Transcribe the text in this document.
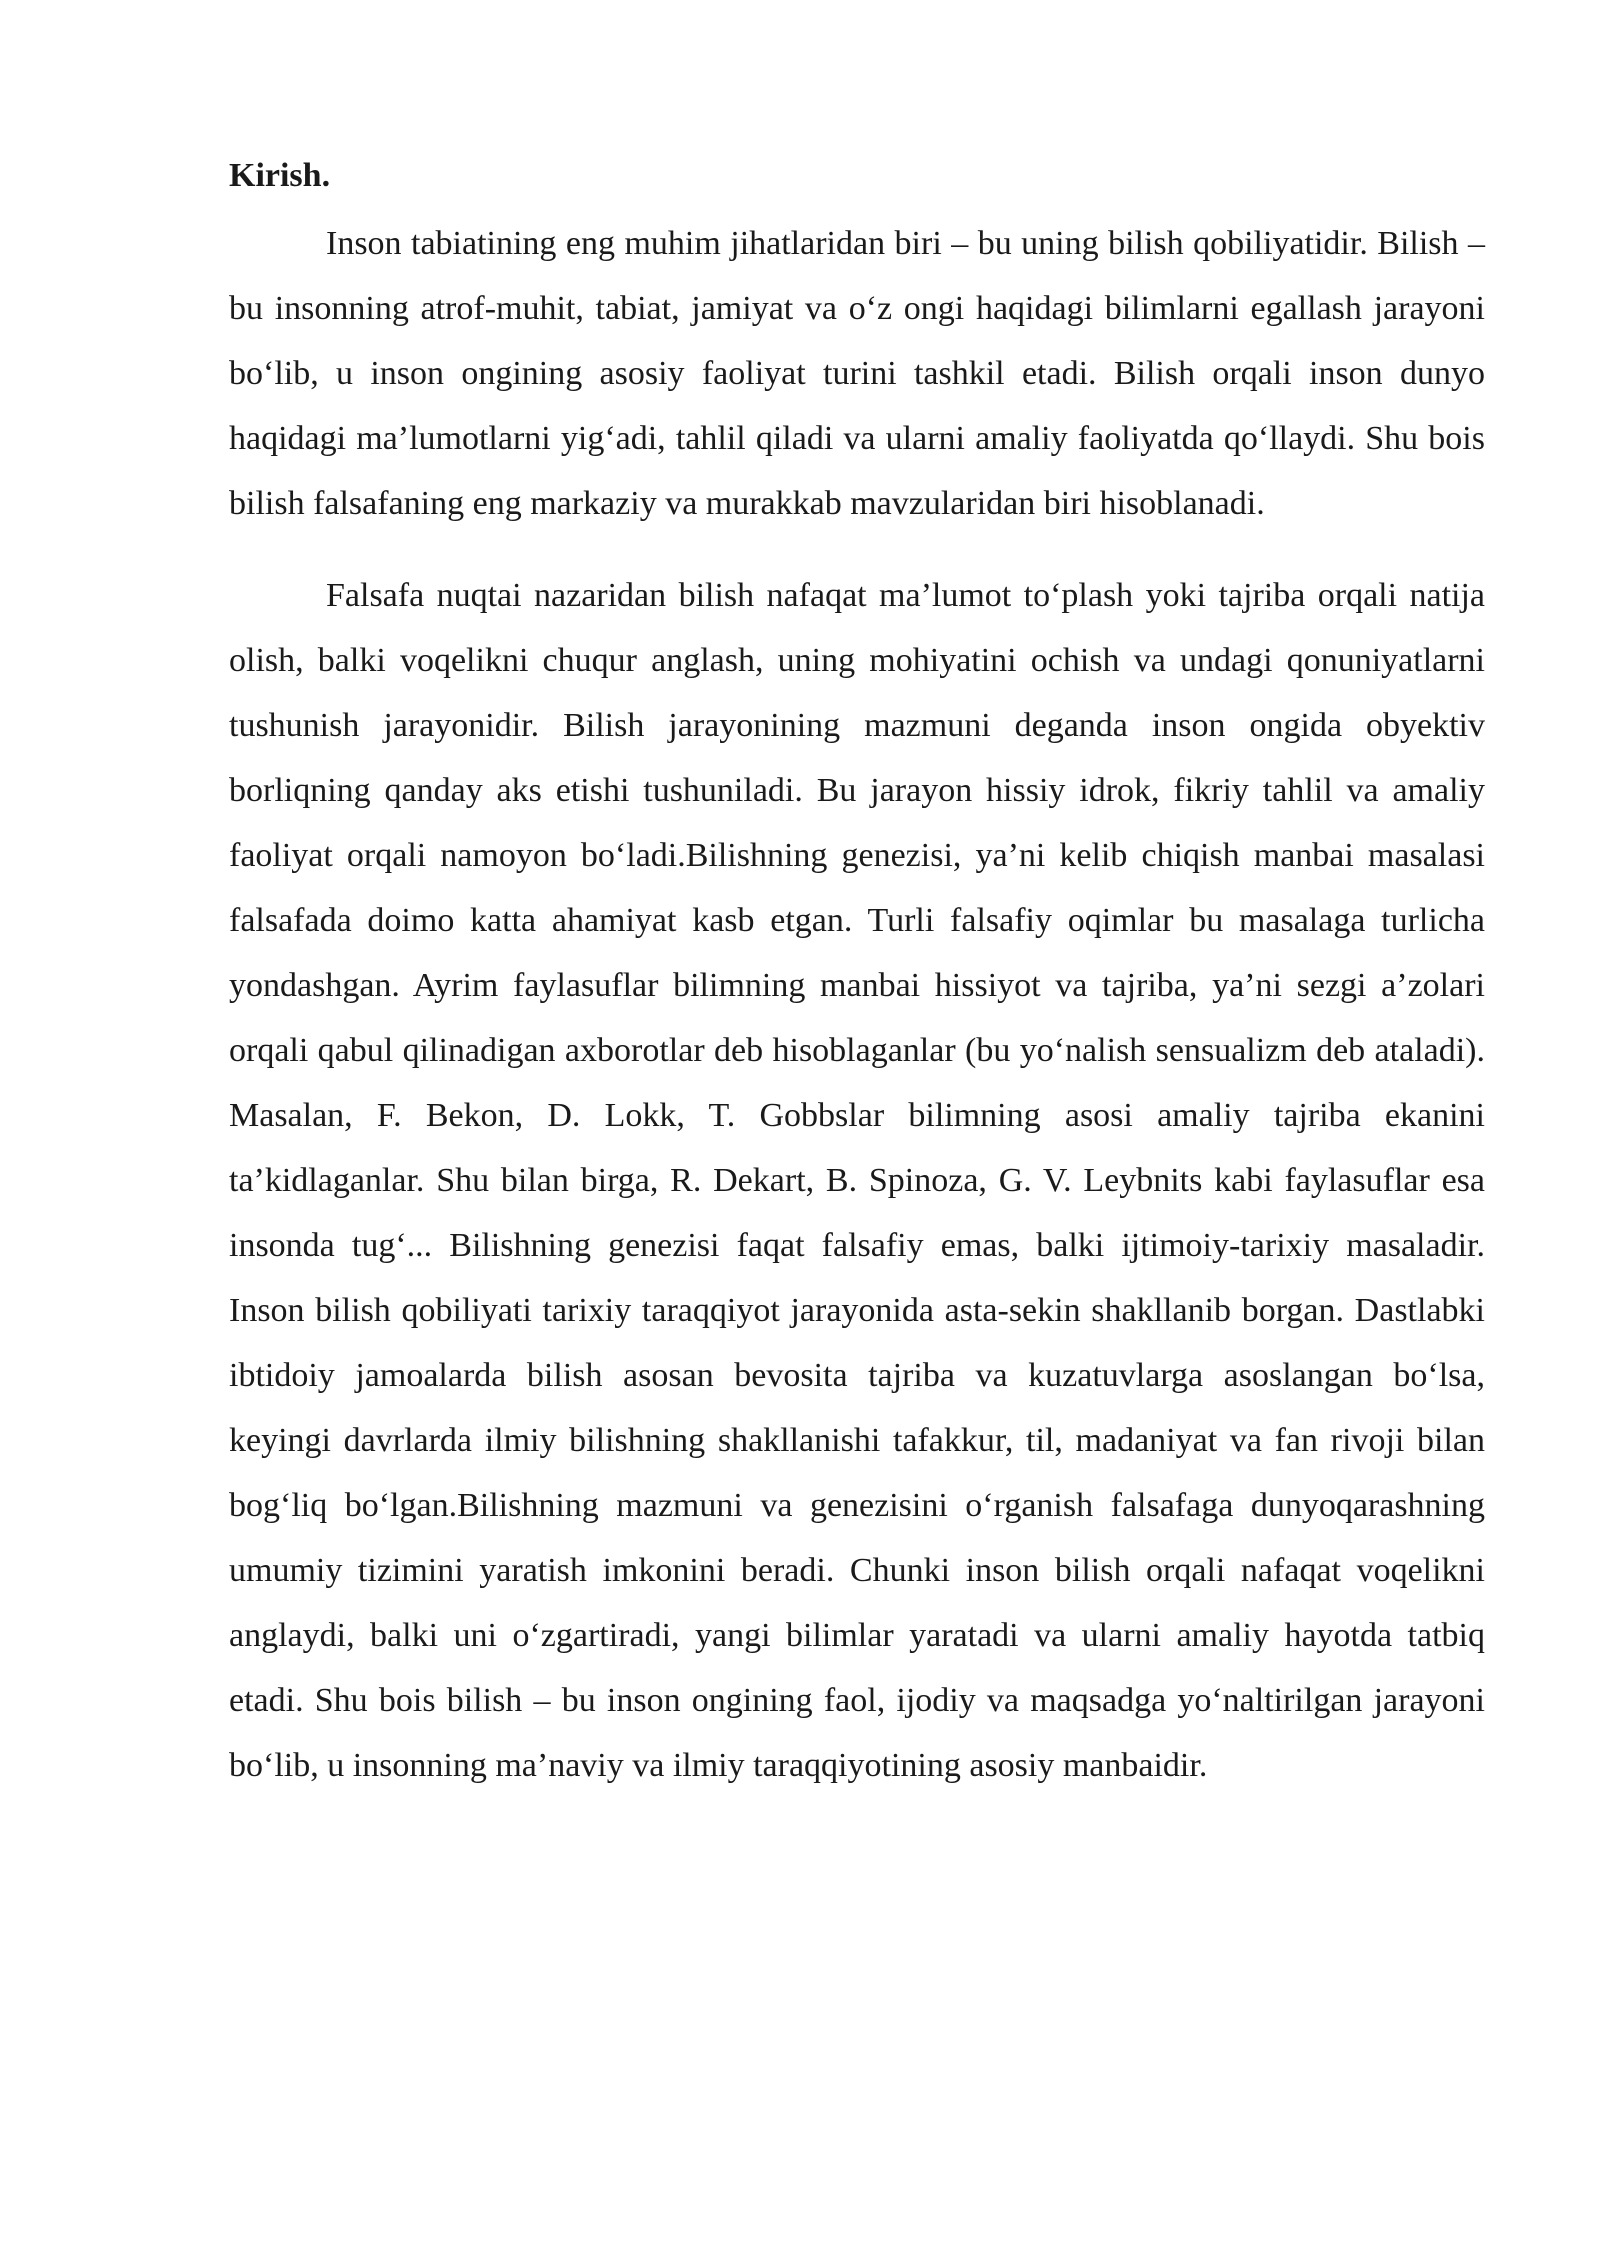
Kirish.

Inson tabiatining eng muhim jihatlaridan biri – bu uning bilish qobiliyatidir. Bilish – bu insonning atrof-muhit, tabiat, jamiyat va o‘z ongi haqidagi bilimlarni egallash jarayoni bo‘lib, u inson ongining asosiy faoliyat turini tashkil etadi. Bilish orqali inson dunyo haqidagi ma’lumotlarni yig‘adi, tahlil qiladi va ularni amaliy faoliyatda qo‘llaydi. Shu bois bilish falsafaning eng markaziy va murakkab mavzularidan biri hisoblanadi.

Falsafa nuqtai nazaridan bilish nafaqat ma’lumot to‘plash yoki tajriba orqali natija olish, balki voqelikni chuqur anglash, uning mohiyatini ochish va undagi qonuniyatlarni tushunish jarayonidir. Bilish jarayonining mazmuni deganda inson ongida obyektiv borliqning qanday aks etishi tushuniladi. Bu jarayon hissiy idrok, fikriy tahlil va amaliy faoliyat orqali namoyon bo‘ladi.Bilishning genezisi, ya’ni kelib chiqish manbai masalasi falsafada doimo katta ahamiyat kasb etgan. Turli falsafiy oqimlar bu masalaga turlicha yondashgan. Ayrim faylasuflar bilimning manbai hissiyot va tajriba, ya’ni sezgi a’zolari orqali qabul qilinadigan axborotlar deb hisoblaganlar (bu yo‘nalish sensualizm deb ataladi). Masalan, F. Bekon, D. Lokk, T. Gobbslar bilimning asosi amaliy tajriba ekanini ta’kidlaganlar. Shu bilan birga, R. Dekart, B. Spinoza, G. V. Leybnits kabi faylasuflar esa insonda tug‘... Bilishning genezisi faqat falsafiy emas, balki ijtimoiy-tarixiy masaladir. Inson bilish qobiliyati tarixiy taraqqiyot jarayonida asta-sekin shakllanib borgan. Dastlabki ibtidoiy jamoalarda bilish asosan bevosita tajriba va kuzatuvlarga asoslangan bo‘lsa, keyingi davrlarda ilmiy bilishning shakllanishi tafakkur, til, madaniyat va fan rivoji bilan bog‘liq bo‘lgan.Bilishning mazmuni va genezisini o‘rganish falsafaga dunyoqarashning umumiy tizimini yaratish imkonini beradi. Chunki inson bilish orqali nafaqat voqelikni anglaydi, balki uni o‘zgartiradi, yangi bilimlar yaratadi va ularni amaliy hayotda tatbiq etadi. Shu bois bilish – bu inson ongining faol, ijodiy va maqsadga yo‘naltirilgan jarayoni bo‘lib, u insonning ma’naviy va ilmiy taraqqiyotining asosiy manbaidir.
